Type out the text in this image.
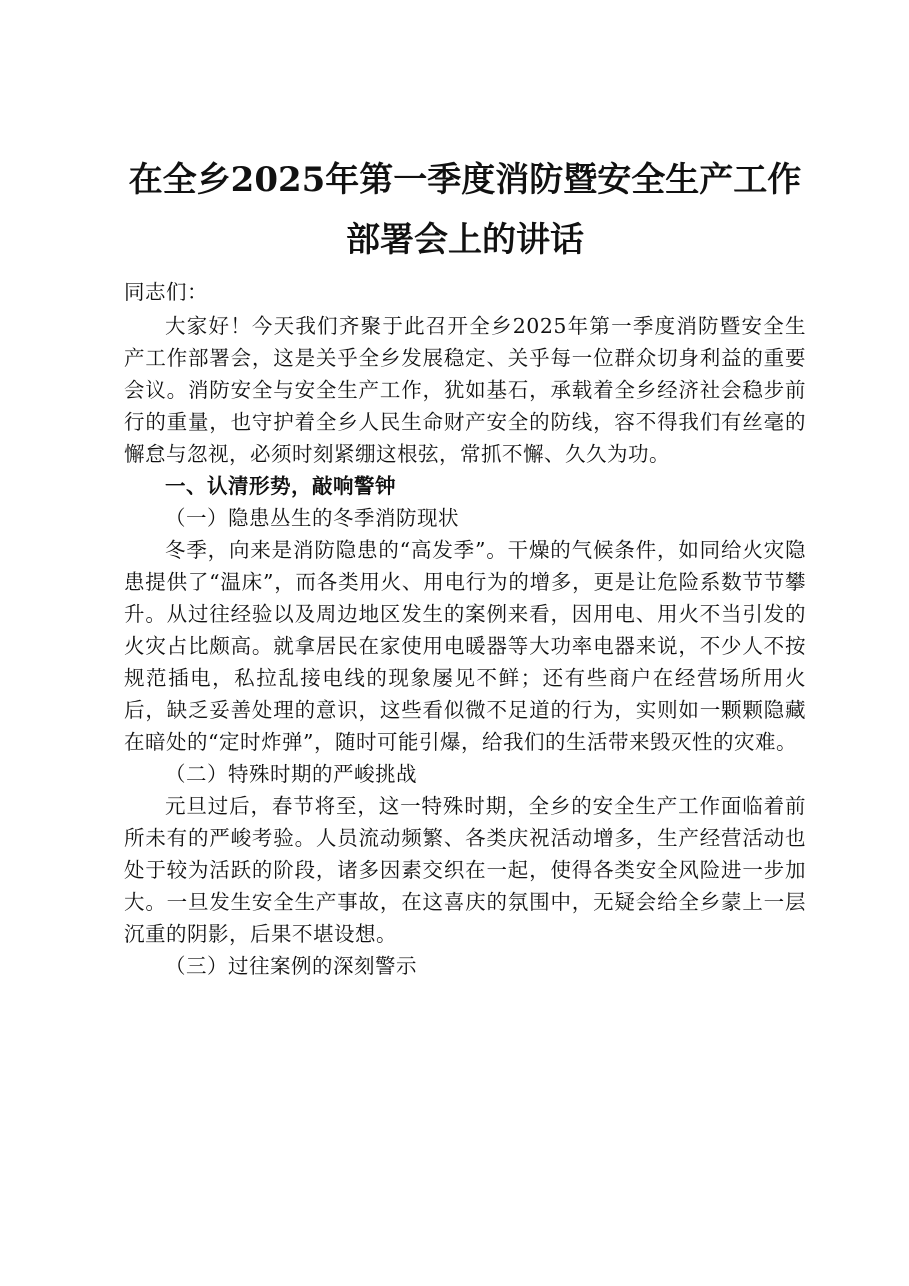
在全乡2025年第一季度消防暨安全生产工作
部署会上的讲话

同志们：

大家好！今天我们齐聚于此召开全乡2025年第一季度消防暨安全生产工作部署会，这是关乎全乡发展稳定、关乎每一位群众切身利益的重要会议。消防安全与安全生产工作，犹如基石，承载着全乡经济社会稳步前行的重量，也守护着全乡人民生命财产安全的防线，容不得我们有丝毫的懈怠与忽视，必须时刻紧绷这根弦，常抓不懈、久久为功。

一、认清形势，敲响警钟

（一）隐患丛生的冬季消防现状

冬季，向来是消防隐患的“高发季”。干燥的气候条件，如同给火灾隐患提供了“温床”，而各类用火、用电行为的增多，更是让危险系数节节攀升。从过往经验以及周边地区发生的案例来看，因用电、用火不当引发的火灾占比颇高。就拿居民在家使用电暖器等大功率电器来说，不少人不按规范插电，私拉乱接电线的现象屡见不鲜；还有些商户在经营场所用火后，缺乏妥善处理的意识，这些看似微不足道的行为，实则如一颗颗隐藏在暗处的“定时炸弹”，随时可能引爆，给我们的生活带来毁灭性的灾难。

（二）特殊时期的严峻挑战

元旦过后，春节将至，这一特殊时期，全乡的安全生产工作面临着前所未有的严峻考验。人员流动频繁、各类庆祝活动增多，生产经营活动也处于较为活跃的阶段，诸多因素交织在一起，使得各类安全风险进一步加大。一旦发生安全生产事故，在这喜庆的氛围中，无疑会给全乡蒙上一层沉重的阴影，后果不堪设想。

（三）过往案例的深刻警示
